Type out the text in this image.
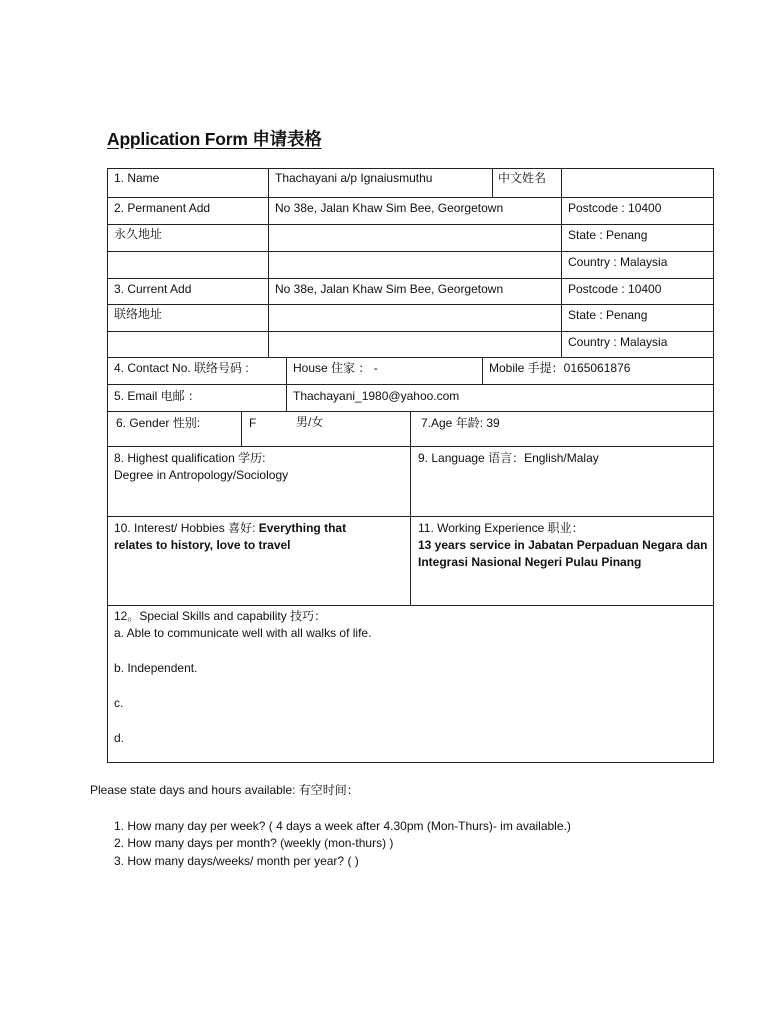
Application Form 申请表格
1. Name	Thachayani a/p Ignaiusmuthu	中文姓名
2. Permanent Add	No 38e, Jalan Khaw Sim Bee, Georgetown	Postcode : 10400
永久地址	State : Penang
Country : Malaysia
3. Current Add	No 38e, Jalan Khaw Sim Bee, Georgetown	Postcode : 10400
联络地址	State : Penang
Country : Malaysia
4. Contact No. 联络号码 :	House 住家 ： -	Mobile 手提：0165061876
5. Email 电邮 ：	Thachayani_1980@yahoo.com
6. Gender 性别:	F	男/女	7.Age 年龄: 39
8. Highest qualification 学历:
Degree in Antropology/Sociology
9. Language 语言：English/Malay
10. Interest/ Hobbies 喜好: Everything that
relates to history, love to travel
11. Working Experience 职业：
13 years service in Jabatan Perpaduan Negara dan
Integrasi Nasional Negeri Pulau Pinang
12。Special Skills and capability 技巧：
a. Able to communicate well with all walks of life.
b. Independent.
c.
d.
Please state days and hours available: 有空时间：
1. How many day per week? ( 4 days a week after 4.30pm (Mon-Thurs)- im available.)
2. How many days per month? (weekly (mon-thurs) )
3. How many days/weeks/ month per year? ( )
